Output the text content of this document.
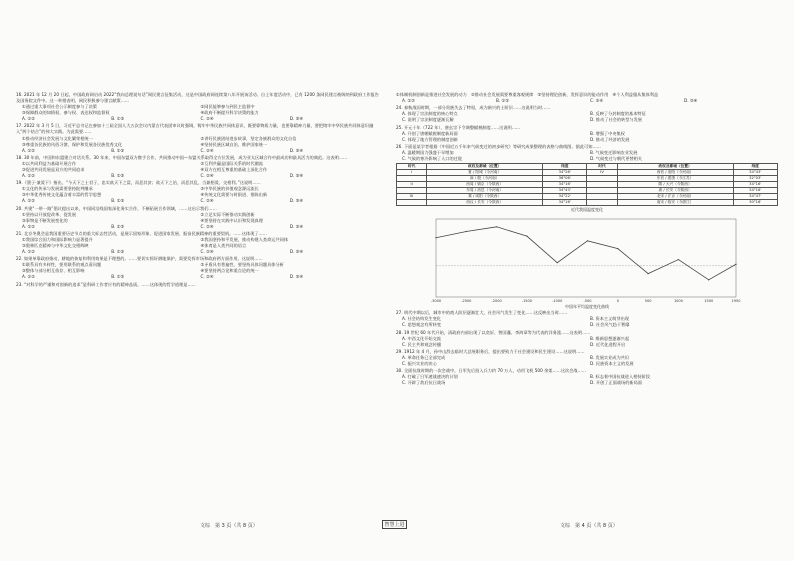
16. 2021 年 12 月 20 日起，中国政府网启动 2022“我向总理说句话”网民建言征集活动，这是中国政府网连续第八年开展该活动。自上年度活动中，已有 1200 条网民建言被吸纳到政府工作报告及国务院文件中。这一举措表明，网民积极参与建言献策……
①通过重大事项社会公示制度参与了决策	②网民能够参与到民主监督中
③保障群众的知情权、参与权、表达权和监督权	④政府不断提升科学决策的能力
A. ①②	B. ①③	C. ②④	D. ③④
17. 2022 年 3 月 5 日，习近平总书记在参加十三届全国人大五次会议内蒙古代表团审议时强调，铸牢中华民族共同体意识，既要靠物质力量，也要靠精神力量，要把铸牢中华民族共同体意识融入“两个结合”的伟大实践。为此需要……
①推动经济社会发展与文化繁荣相统一	②讲好民族团结进步故事，坚定各族群众的文化自信
③尊重各民族的风俗习惯，保护和发展各民族优秀文化	④坚持民族区域自治，维护国家统一
A. ①②	B. ①③	C. ②④	D. ③④
18. 30 年前，中国和东盟建立对话关系。30 年来，中国东盟双方携手合作，共同推动中国—东盟关系取得全方位发展，成为亚太区域合作中最成功和最具活力的典范。这表明……
①以共同利益为基础开展合作	②互利共赢是国际关系的时代潮流
③促进共同发展是双方的共同追求	④双方在相互尊重的基础上深化合作
A. ①②	B. ①③	C. ②④	D. ③④
19.《墨子·兼爱下》指出，“今天下之士君子，忠实欲天下之富，而恶其贫；欲天下之治，而恶其乱，当兼相爱、交相利。”这说明……
①文化的传承与发展需要坚持批判继承	②中华民族的价值观念源远流长
③中华优秀传统文化蕴含着丰富的哲学思想	④传统文化需要与时俱进、推陈出新
A. ①②	B. ①③	C. ②④	D. ③④
20. 共建“一带一路”倡议提出以来，中国同沿线国家深化务实合作，不断拓展合作领域，……这启示我们……
①坚持以开放促改革、促发展	②立足实际不断推动实践创新
③事物是不断发展变化的	④要坚持在实践中认识和发现真理
A. ①②	B. ①③	C. ②④	D. ③④
21. 北京冬奥会是我国重要历史节点的重大标志性活动，是展示国家形象、促进国家发展、振奋民族精神的重要契机。……这体现了……
①我国综合国力和国际影响力显著提升	②我国坚持和平发展，推动构建人类命运共同体
③奥林匹克精神与中华文化交相辉映	④体育是人类共同的语言
A. ①②	B. ①③	C. ②④	D. ③④
22. 如果单靠政府推动，耕地的恢复和利用效果是不理想的。……要切实抓好耕地保护，需要发挥市场和政府两方面作用。这说明……
①联系具有多样性，要用联系的观点看问题	②矛盾具有普遍性，要坚持具体问题具体分析
③整体与部分相互依存、相互影响	④要坚持两点论和重点论的统一
A. ①②	B. ①③	C. ②④	D. ③④
23. “对科学的严谨和对创新的追求”是科研工作者应有的精神品质。……这体现的哲学道理是……
①体制机制创新是推进社会发展的动力　②推动社会发展需要尊重客观规律　③坚持理论创新，发挥意识的能动作用　④个人利益服从集体利益
A. ①②	B. ①③	C. ②④	D. ③④
24. 春秋战国时期，一部分贵族失去了特权，成为新兴的士阶层……这说明当时……
A. 体现了宗法制度的核心特点	B. 反映了分封制度的基本特征
C. 说明了宗法制度逐渐瓦解	D. 推动了社会的转型与发展
25. 开元十年（722 年），唐玄宗下令调整赋税制度……这说明……
A. 开创了唐朝赋税制度新局面	B. 增强了中央集权
C. 体现了地方管理的制度创新	D. 推动了经济的发展
26. 下面是某学者根据《中国近五千年来气候变迁的初步研究》等研究成果整理的表格与曲线图。据此可知……
A. 温暖期国力强盛干旱增加	B. 气候变迁影响农业发展
C. 气候的寒冷影响了人口的迁徙	D. 气候变迁与朝代更替相关
时代	政权及都城（位置）	纬度	时代	政权及都城（位置）	纬度
I	夏 / 阳城（今河南）	34°26'	IV	西晋 / 洛阳（今河南）	34°43'
	商 / 殷（今河南）	36°06'		东晋 / 建康（今江苏）	32°03'
II	西周 / 镐京（今陕西）	34°16'		隋 / 大兴（今陕西）	34°16'
	东周 / 洛邑（今河南）	34°43'		唐 / 长安（今陕西）	34°16'
III	秦 / 咸阳（今陕西）	34°22'		北宋 / 汴京（今河南）	34°47'
	西汉 / 长安（今陕西）	34°16'		南宋 / 临安（今浙江）	30°16'
近代我国温度变化
-3000	-2500	-2000	-1500	-1000	-500	0	500	1000	1500	1950
中国年平均温度变化曲线
27. 明代中期以后，城市中的商人阶层逐渐壮大，社会风气发生了变化……这反映出当时……
A. 社会结构发生变化	B. 资本主义萌芽出现
C. 思想观念有所转变	D. 社会风气趋于奢靡
28. 19 世纪 60 年代开始，清政府内部出现了以奕䜣、曾国藩、李鸿章等为代表的洋务派……这表明……
A. 中西文化开始交流	B. 维新思想逐渐兴起
C. 民主共和观念传播	D. 近代化进程开启
29. 1912 年 4 月，孙中山辞去临时大总统职务后，提出要致力于社会建设和民生建设……这说明……
A. 革命任务已全部完成	B. 发展实业成为共识
C. 振兴实业的决心	D. 民族资本主义的发展
30. 全面抗战时期的一次会战中，日军先后投入兵力约 70 万人，动用飞机 500 余架……这次会战……
A. 打破了日军速战速决的计划	B. 标志着中国抗战进入相持阶段
C. 开辟了敌后抗日战场	D. 开创了正面战场的新局面
文综　第 3 页（共 8 页）	智慧上进	文综　第 4 页（共 8 页）
